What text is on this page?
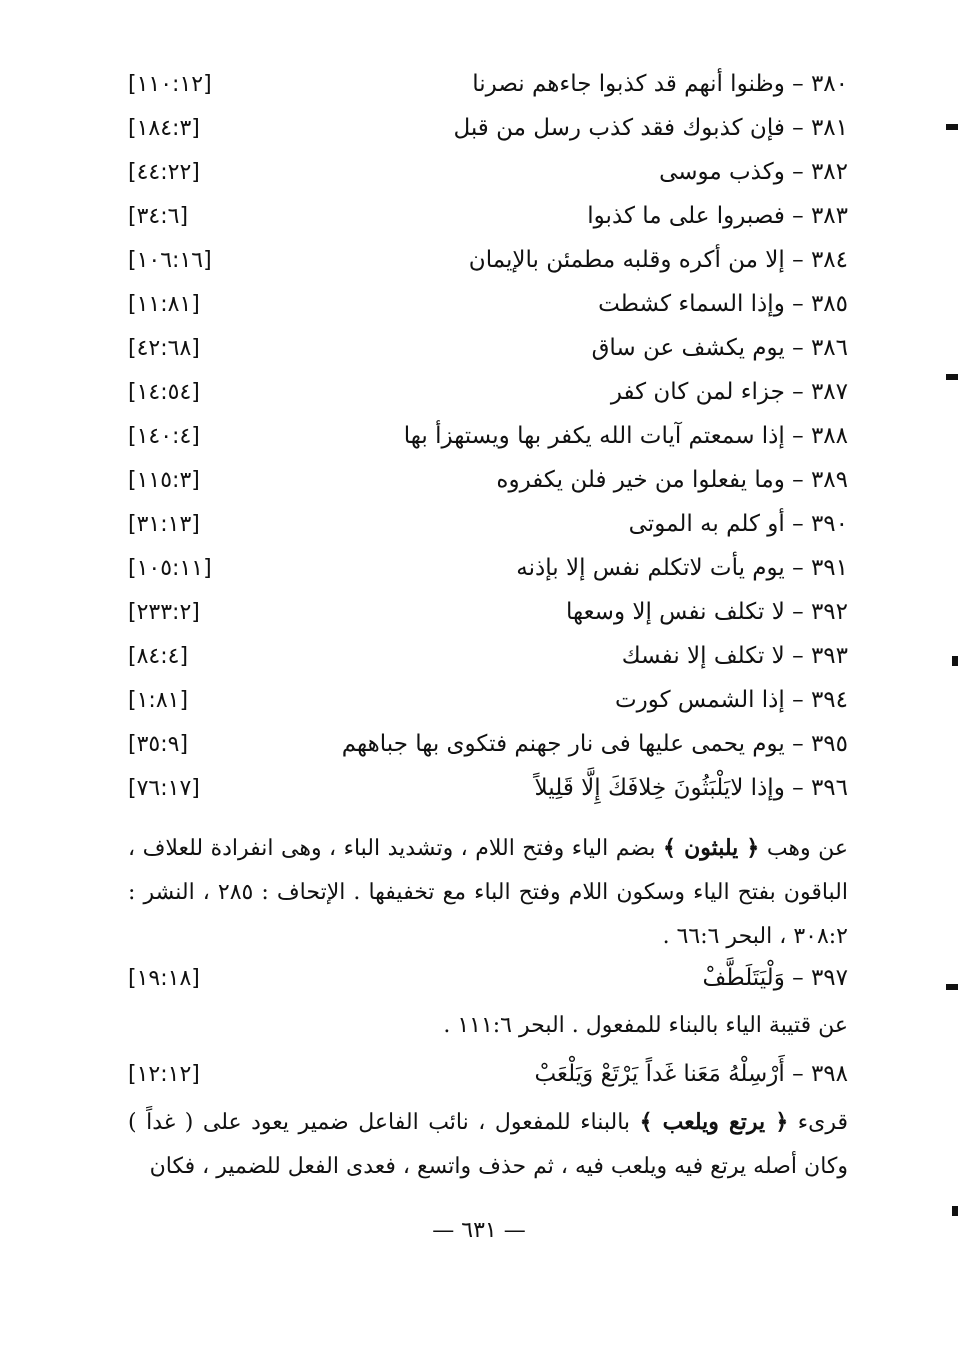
٣٨٠ – وظنوا أنهم قد كذبوا جاءهم نصرنا
[١١٠:١٢]
٣٨١ – فإن كذبوك فقد كذب رسل من قبل
[١٨٤:٣]
٣٨٢ – وكذب موسى
[٤٤:٢٢]
٣٨٣ – فصبروا على ما كذبوا
[٣٤:٦]
٣٨٤ – إلا من أكره وقلبه مطمئن بالإيمان
[١٠٦:١٦]
٣٨٥ – وإذا السماء كشطت
[١١:٨١]
٣٨٦ – يوم يكشف عن ساق
[٤٢:٦٨]
٣٨٧ – جزاء لمن كان كفر
[١٤:٥٤]
٣٨٨ – إذا سمعتم آيات الله يكفر بها ويستهزأ بها
[١٤٠:٤]
٣٨٩ – وما يفعلوا من خير فلن يكفروه
[١١٥:٣]
٣٩٠ – أو كلم به الموتى
[٣١:١٣]
٣٩١ – يوم يأت لاتكلم نفس إلا بإذنه
[١٠٥:١١]
٣٩٢ – لا تكلف نفس إلا وسعها
[٢٣٣:٢]
٣٩٣ – لا تكلف إلا نفسك
[٨٤:٤]
٣٩٤ – إذا الشمس كورت
[١:٨١]
٣٩٥ – يوم يحمى عليها فى نار جهنم فتكوى بها جباههم
[٣٥:٩]
٣٩٦ – وإذا لايَلْبَثُونَ خِلافَكَ إِلَّا قَلِيلاً
[٧٦:١٧]
عن وهب ﴿ يلبثون ﴾ بضم الياء وفتح اللام ، وتشديد الباء ، وهى انفرادة للعلاف ، الباقون بفتح الياء وسكون اللام وفتح الباء مع تخفيفها . الإتحاف : ٢٨٥ ، النشر : ٣٠٨:٢ ، البحر ٦٦:٦ .
٣٩٧ – وَلْيَتَلَطَّفْ
[١٩:١٨]
عن قتيبة الياء بالبناء للمفعول . البحر ١١١:٦ .
٣٩٨ – أَرْسِلْهُ مَعَنا غَداً يَرْتَعْ وَيَلْعَبْ
[١٢:١٢]
قرىء ﴿ يرتع ويلعب ﴾ بالبناء للمفعول ، نائب الفاعل ضمير يعود على ( غداً ) وكان أصله يرتع فيه ويلعب فيه ، ثم حذف واتسع ، فعدى الفعل للضمير ، فكان
— ٦٣١ —
